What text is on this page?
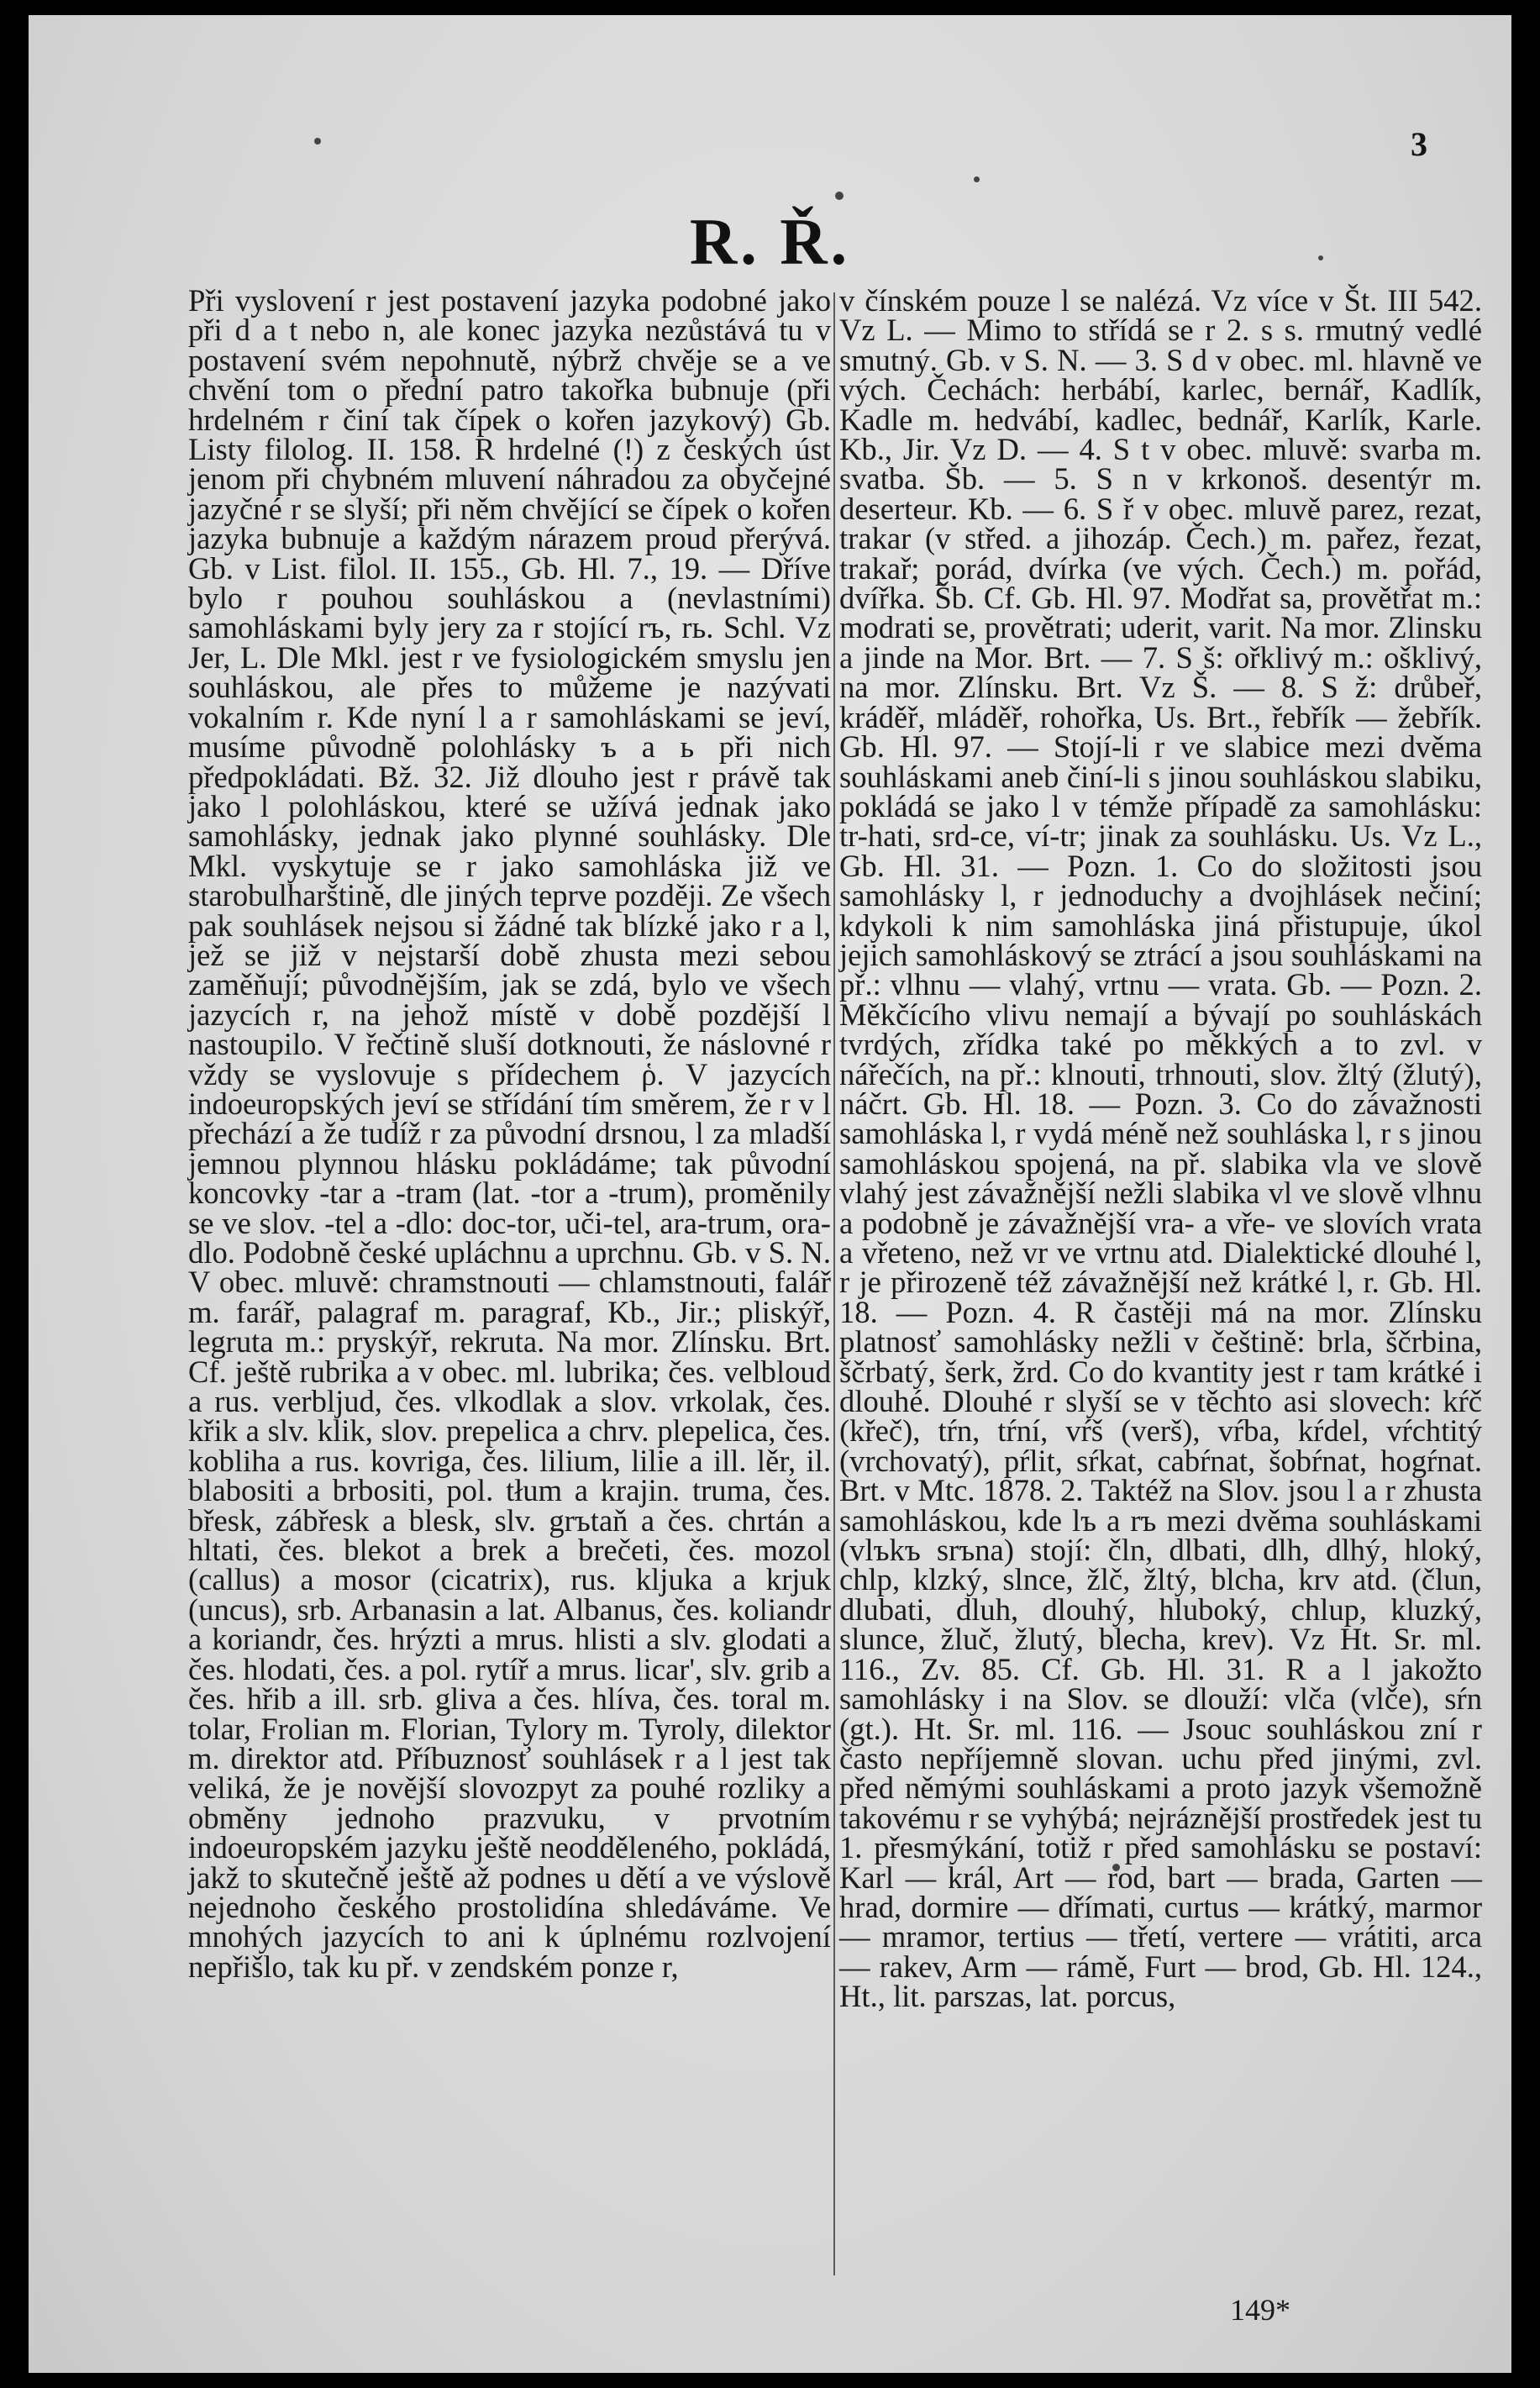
3
R. Ř.

Při vyslovení r jest postavení jazyka podobné jako při d a t nebo n, ale konec jazyka nezůstává tu v postavení svém nepohnutě, nýbrž chvěje se a ve chvění tom o přední patro takořka bubnuje (při hrdelném r činí tak čípek o kořen jazykový) Gb. Listy filolog. II. 158. R hrdelné (!) z českých úst jenom při chybném mluvení náhradou za obyčejné jazyčné r se slyší; při něm chvějící se čípek o kořen jazyka bubnuje a každým nárazem proud přerývá. Gb. v List. filol. II. 155., Gb. Hl. 7., 19. — Dříve bylo r pouhou souhláskou a (nevlastními) samohláskami byly jery za r stojící rъ, rь. Schl. Vz Jer, L. Dle Mkl. jest r ve fysiologickém smyslu jen souhláskou, ale přes to můžeme je nazývati vokalním r. Kde nyní l a r samohláskami se jeví, musíme původně polohlásky ъ a ь při nich předpokládati. Bž. 32. Již dlouho jest r právě tak jako l polohláskou, které se užívá jednak jako samohlásky, jednak jako plynné souhlásky. Dle Mkl. vyskytuje se r jako samohláska již ve starobulharštině, dle jiných teprve později. Ze všech pak souhlásek nejsou si žádné tak blízké jako r a l, jež se již v nejstarší době zhusta mezi sebou zaměňují; původnějším, jak se zdá, bylo ve všech jazycích r, na jehož místě v době pozdější l nastoupilo. V řečtině sluší dotknouti, že náslovné r vždy se vyslovuje s přídechem ῥ. V jazycích indoeuropských jeví se střídání tím směrem, že r v l přechází a že tudíž r za původní drsnou, l za mladší jemnou plynnou hlásku pokládáme; tak původní koncovky -tar a -tram (lat. -tor a -trum), proměnily se ve slov. -tel a -dlo: doc-tor, uči-tel, ara-trum, ora-dlo. Podobně české upláchnu a uprchnu. Gb. v S. N. V obec. mluvě: chramstnouti — chlamstnouti, falář m. farář, palagraf m. paragraf, Kb., Jir.; pliskýř, legruta m.: pryskýř, rekruta. Na mor. Zlínsku. Brt. Cf. ještě rubrika a v obec. ml. lubrika; čes. velbloud a rus. verbljud, čes. vlkodlak a slov. vrkolak, čes. křik a slv. klik, slov. prepelica a chrv. plepelica, čes. kobliha a rus. kovriga, čes. lilium, lilie a ill. lěr, il. blabositi a brbositi, pol. tłum a krajin. truma, čes. břesk, zábřesk a blesk, slv. grъtaň a čes. chrtán a hltati, čes. blekot a brek a brečeti, čes. mozol (callus) a mosor (cicatrix), rus. kljuka a krjuk (uncus), srb. Arbanasin a lat. Albanus, čes. koliandr a koriandr, čes. hrýzti a mrus. hlisti a slv. glodati a čes. hlodati, čes. a pol. rytíř a mrus. licar', slv. grib a čes. hřib a ill. srb. gliva a čes. hlíva, čes. toral m. tolar, Frolian m. Florian, Tylory m. Tyroly, dilektor m. direktor atd. Příbuznosť souhlásek r a l jest tak veliká, že je novější slovozpyt za pouhé rozliky a obměny jednoho prazvuku, v prvotním indoeuropském jazyku ještě neodděleného, pokládá, jakž to skutečně ještě až podnes u dětí a ve výslově nejednoho českého prostolidína shledáváme. Ve mnohých jazycích to ani k úplnému rozlvojení nepřišlo, tak ku př. v zendském ponze r,

v čínském pouze l se nalézá. Vz více v Št. III 542. Vz L. — Mimo to střídá se r 2. s s. rmutný vedlé smutný. Gb. v S. N. — 3. S d v obec. ml. hlavně ve vých. Čechách: herbábí, karlec, bernář, Kadlík, Kadle m. hedvábí, kadlec, bednář, Karlík, Karle. Kb., Jir. Vz D. — 4. S t v obec. mluvě: svarba m. svatba. Šb. — 5. S n v krkonoš. desentýr m. deserteur. Kb. — 6. S ř v obec. mluvě parez, rezat, trakar (v střed. a jihozáp. Čech.) m. pařez, řezat, trakař; porád, dvírka (ve vých. Čech.) m. pořád, dvířka. Šb. Cf. Gb. Hl. 97. Modřat sa, provětřat m.: modrati se, provětrati; uderit, varit. Na mor. Zlinsku a jinde na Mor. Brt. — 7. S š: ořklivý m.: ošklivý, na mor. Zlínsku. Brt. Vz Š. — 8. S ž: drůbeř, kráděř, mláděř, rohořka, Us. Brt., řebřík — žebřík. Gb. Hl. 97. — Stojí-li r ve slabice mezi dvěma souhláskami aneb činí-li s jinou souhláskou slabiku, pokládá se jako l v témže případě za samohlásku: tr-hati, srd-ce, ví-tr; jinak za souhlásku. Us. Vz L., Gb. Hl. 31. — Pozn. 1. Co do složitosti jsou samohlásky l, r jednoduchy a dvojhlásek nečiní; kdykoli k nim samohláska jiná přistupuje, úkol jejich samohláskový se ztrácí a jsou souhláskami na př.: vlhnu — vlahý, vrtnu — vrata. Gb. — Pozn. 2. Měkčícího vlivu nemají a bývají po souhláskách tvrdých, zřídka také po měkkých a to zvl. v nářečích, na př.: klnouti, trhnouti, slov. žltý (žlutý), náčrt. Gb. Hl. 18. — Pozn. 3. Co do závažnosti samohláska l, r vydá méně než souhláska l, r s jinou samohláskou spojená, na př. slabika vla ve slově vlahý jest závažnější nežli slabika vl ve slově vlhnu a podobně je závažnější vra- a vře- ve slovích vrata a vřeteno, než vr ve vrtnu atd. Dialektické dlouhé l, r je přirozeně též závažnější než krátké l, r. Gb. Hl. 18. — Pozn. 4. R častěji má na mor. Zlínsku platnosť samohlásky nežli v češtině: brla, ščrbina, ščrbatý, šerk, žrd. Co do kvantity jest r tam krátké i dlouhé. Dlouhé r slyší se v těchto asi slovech: kŕč (křeč), tŕn, tŕní, vŕš (verš), vŕba, kŕdel, vŕchtitý (vrchovatý), pŕlit, sŕkat, cabŕnat, šobŕnat, hogŕnat. Brt. v Mtc. 1878. 2. Taktéž na Slov. jsou l a r zhusta samohláskou, kde lъ a rъ mezi dvěma souhláskami (vlъkъ srъna) stojí: čln, dlbati, dlh, dlhý, hloký, chlp, klzký, slnce, žlč, žltý, blcha, krv atd. (člun, dlubati, dluh, dlouhý, hluboký, chlup, kluzký, slunce, žluč, žlutý, blecha, krev). Vz Ht. Sr. ml. 116., Zv. 85. Cf. Gb. Hl. 31. R a l jakožto samohlásky i na Slov. se dlouží: vlča (vlče), sŕn (gt.). Ht. Sr. ml. 116. — Jsouc souhláskou zní r často nepříjemně slovan. uchu před jinými, zvl. před němými souhláskami a proto jazyk všemožně takovému r se vyhýbá; nejráznější prostředek jest tu 1. přesmýkání, totiž r před samohlásku se postaví: Karl — král, Art — rod, bart — brada, Garten — hrad, dormire — dřímati, curtus — krátký, marmor — mramor, tertius — třetí, vertere — vrátiti, arca — rakev, Arm — rámě, Furt — brod, Gb. Hl. 124., Ht., lit. parszas, lat. porcus,

149*
